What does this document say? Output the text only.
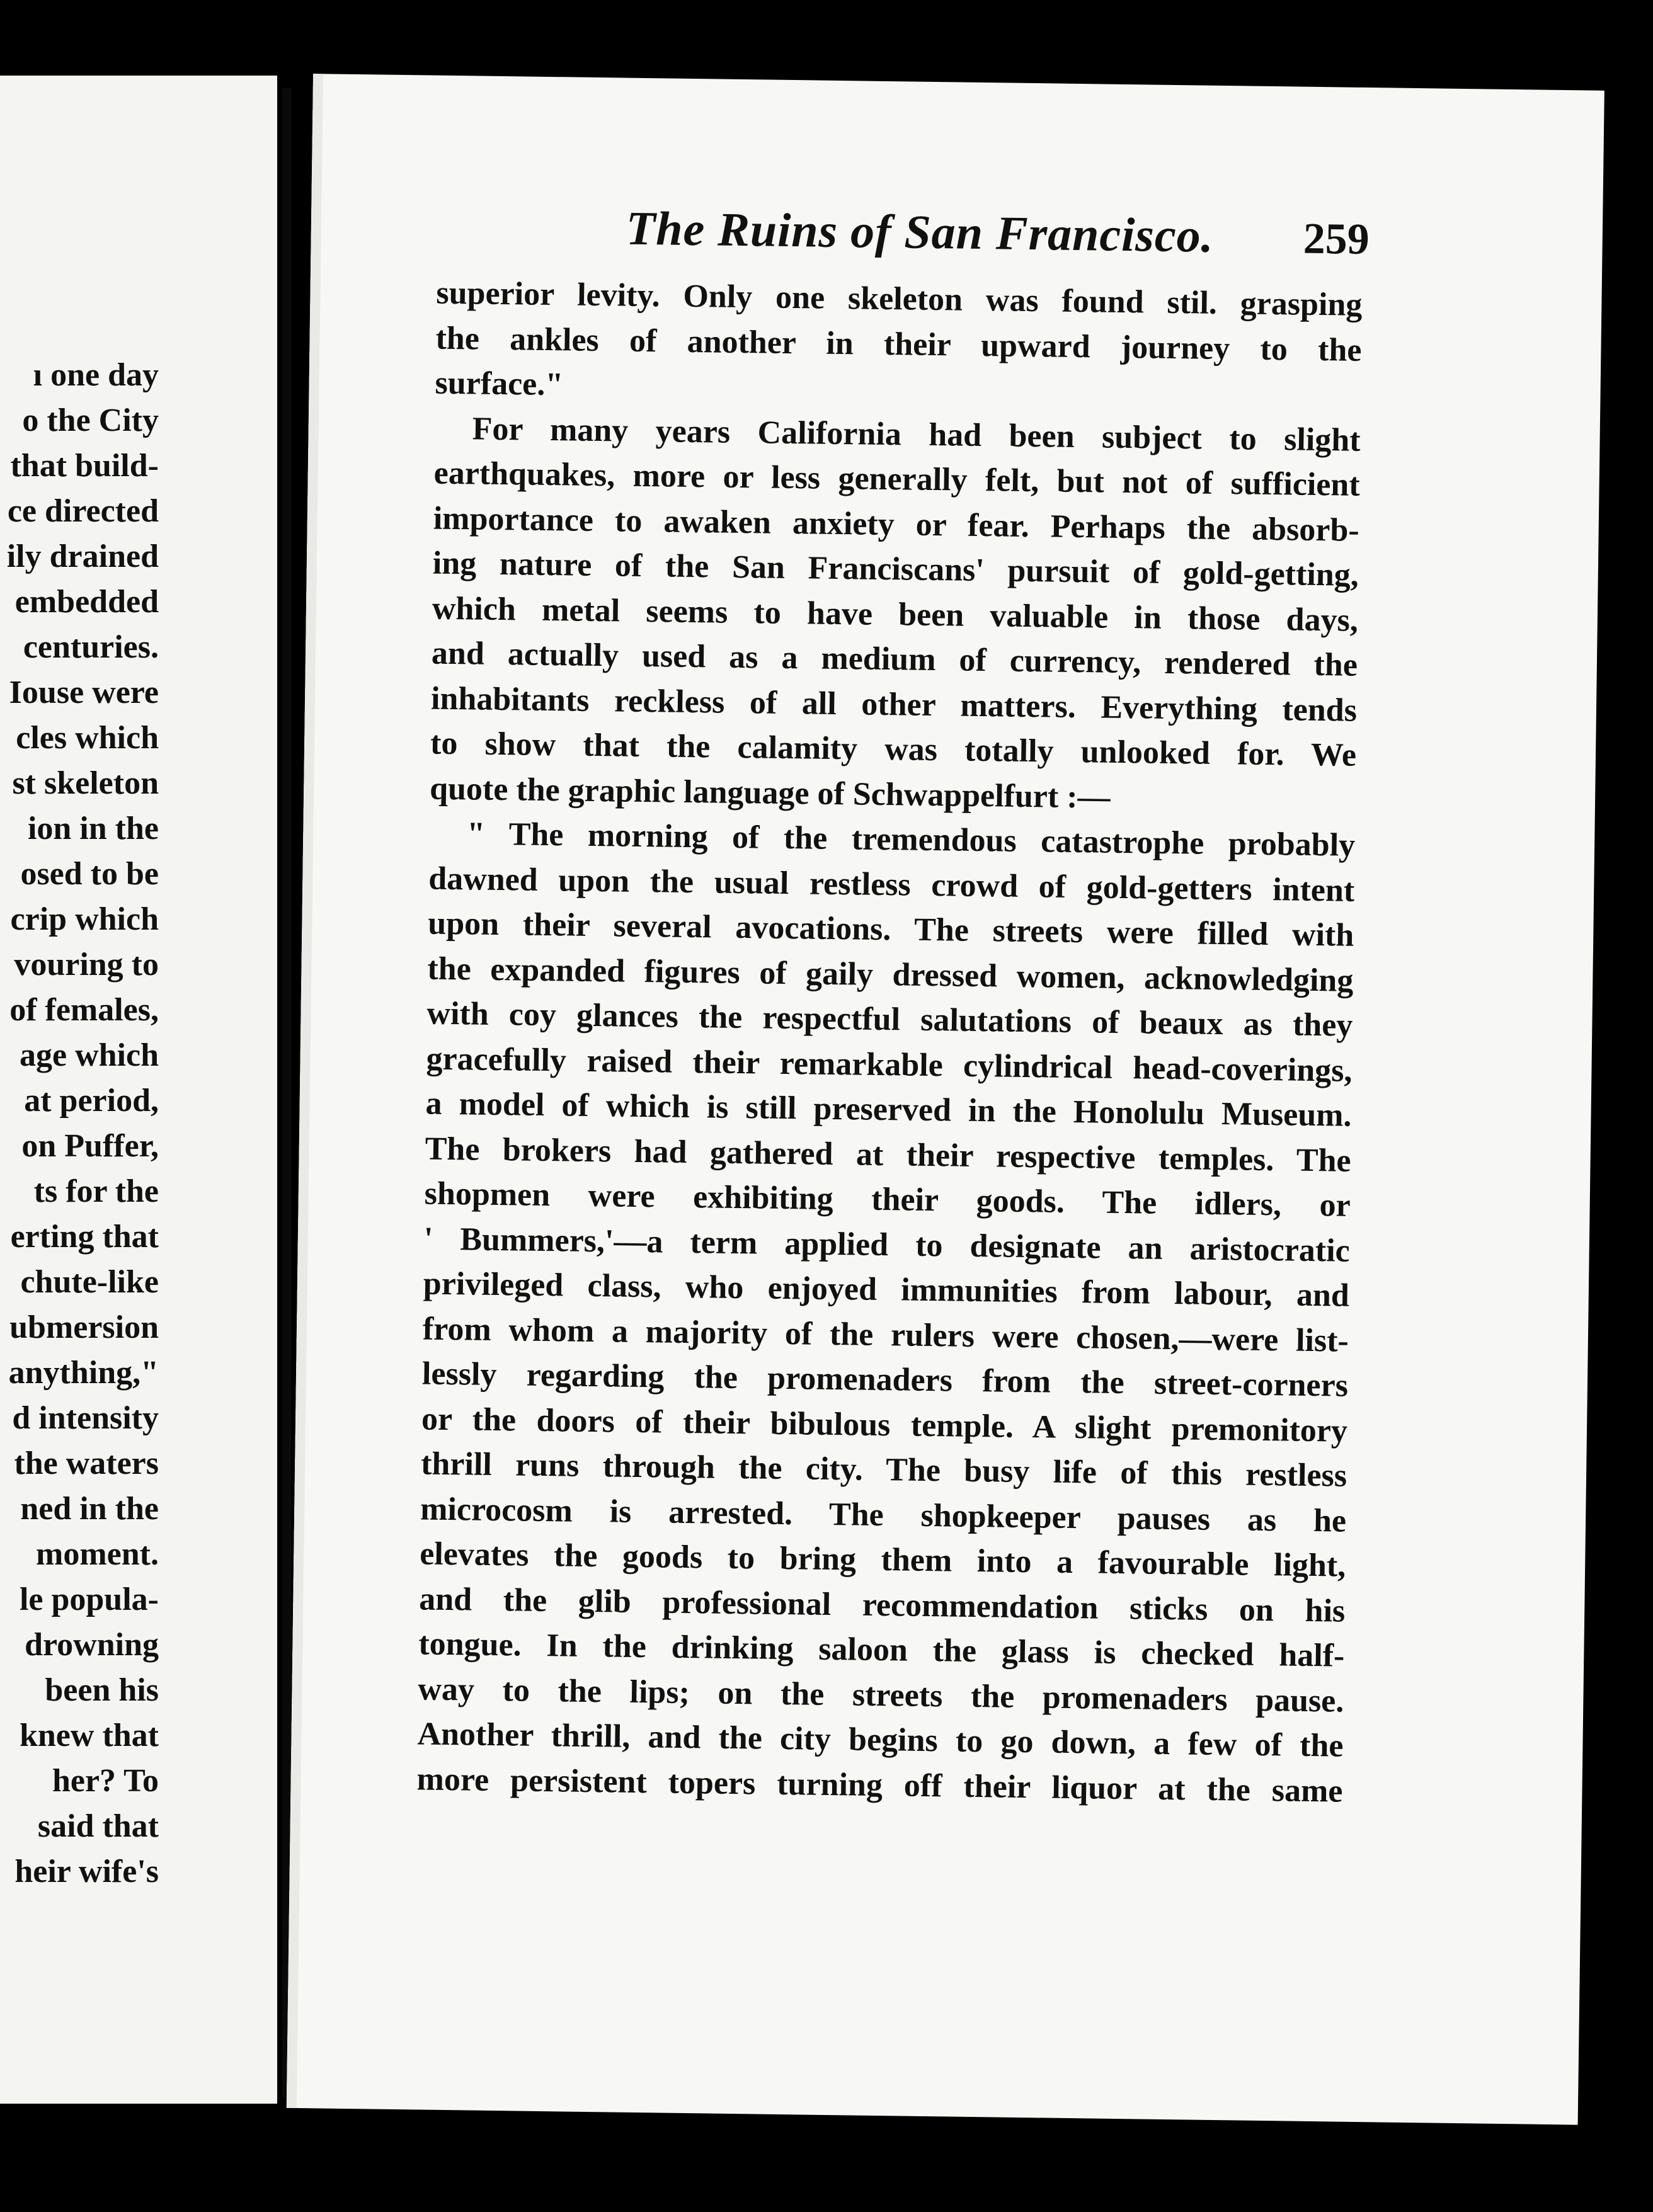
ı one day
o the City
that build-
ce directed
ily drained
embedded
centuries.
Iouse were
cles which
st skeleton
ion in the
osed to be
crip which
vouring to
of females,
age which
at period,
on Puffer,
ts for the
erting that
chute-like
ubmersion
anything,"
d intensity
the waters
ned in the
moment.
le popula-
drowning
been his
knew that
her? To
said that
heir wife's
The Ruins of San Francisco. 259
superior levity. Only one skeleton was found stil. grasping
the ankles of another in their upward journey to the
surface."
For many years California had been subject to slight
earthquakes, more or less generally felt, but not of sufficient
importance to awaken anxiety or fear. Perhaps the absorb-
ing nature of the San Franciscans' pursuit of gold-getting,
which metal seems to have been valuable in those days,
and actually used as a medium of currency, rendered the
inhabitants reckless of all other matters. Everything tends
to show that the calamity was totally unlooked for. We
quote the graphic language of Schwappelfurt :—
" The morning of the tremendous catastrophe probably
dawned upon the usual restless crowd of gold-getters intent
upon their several avocations. The streets were filled with
the expanded figures of gaily dressed women, acknowledging
with coy glances the respectful salutations of beaux as they
gracefully raised their remarkable cylindrical head-coverings,
a model of which is still preserved in the Honolulu Museum.
The brokers had gathered at their respective temples. The
shopmen were exhibiting their goods. The idlers, or
' Bummers,'—a term applied to designate an aristocratic
privileged class, who enjoyed immunities from labour, and
from whom a majority of the rulers were chosen,—were list-
lessly regarding the promenaders from the street-corners
or the doors of their bibulous temple. A slight premonitory
thrill runs through the city. The busy life of this restless
microcosm is arrested. The shopkeeper pauses as he
elevates the goods to bring them into a favourable light,
and the glib professional recommendation sticks on his
tongue. In the drinking saloon the glass is checked half-
way to the lips; on the streets the promenaders pause.
Another thrill, and the city begins to go down, a few of the
more persistent topers turning off their liquor at the same
